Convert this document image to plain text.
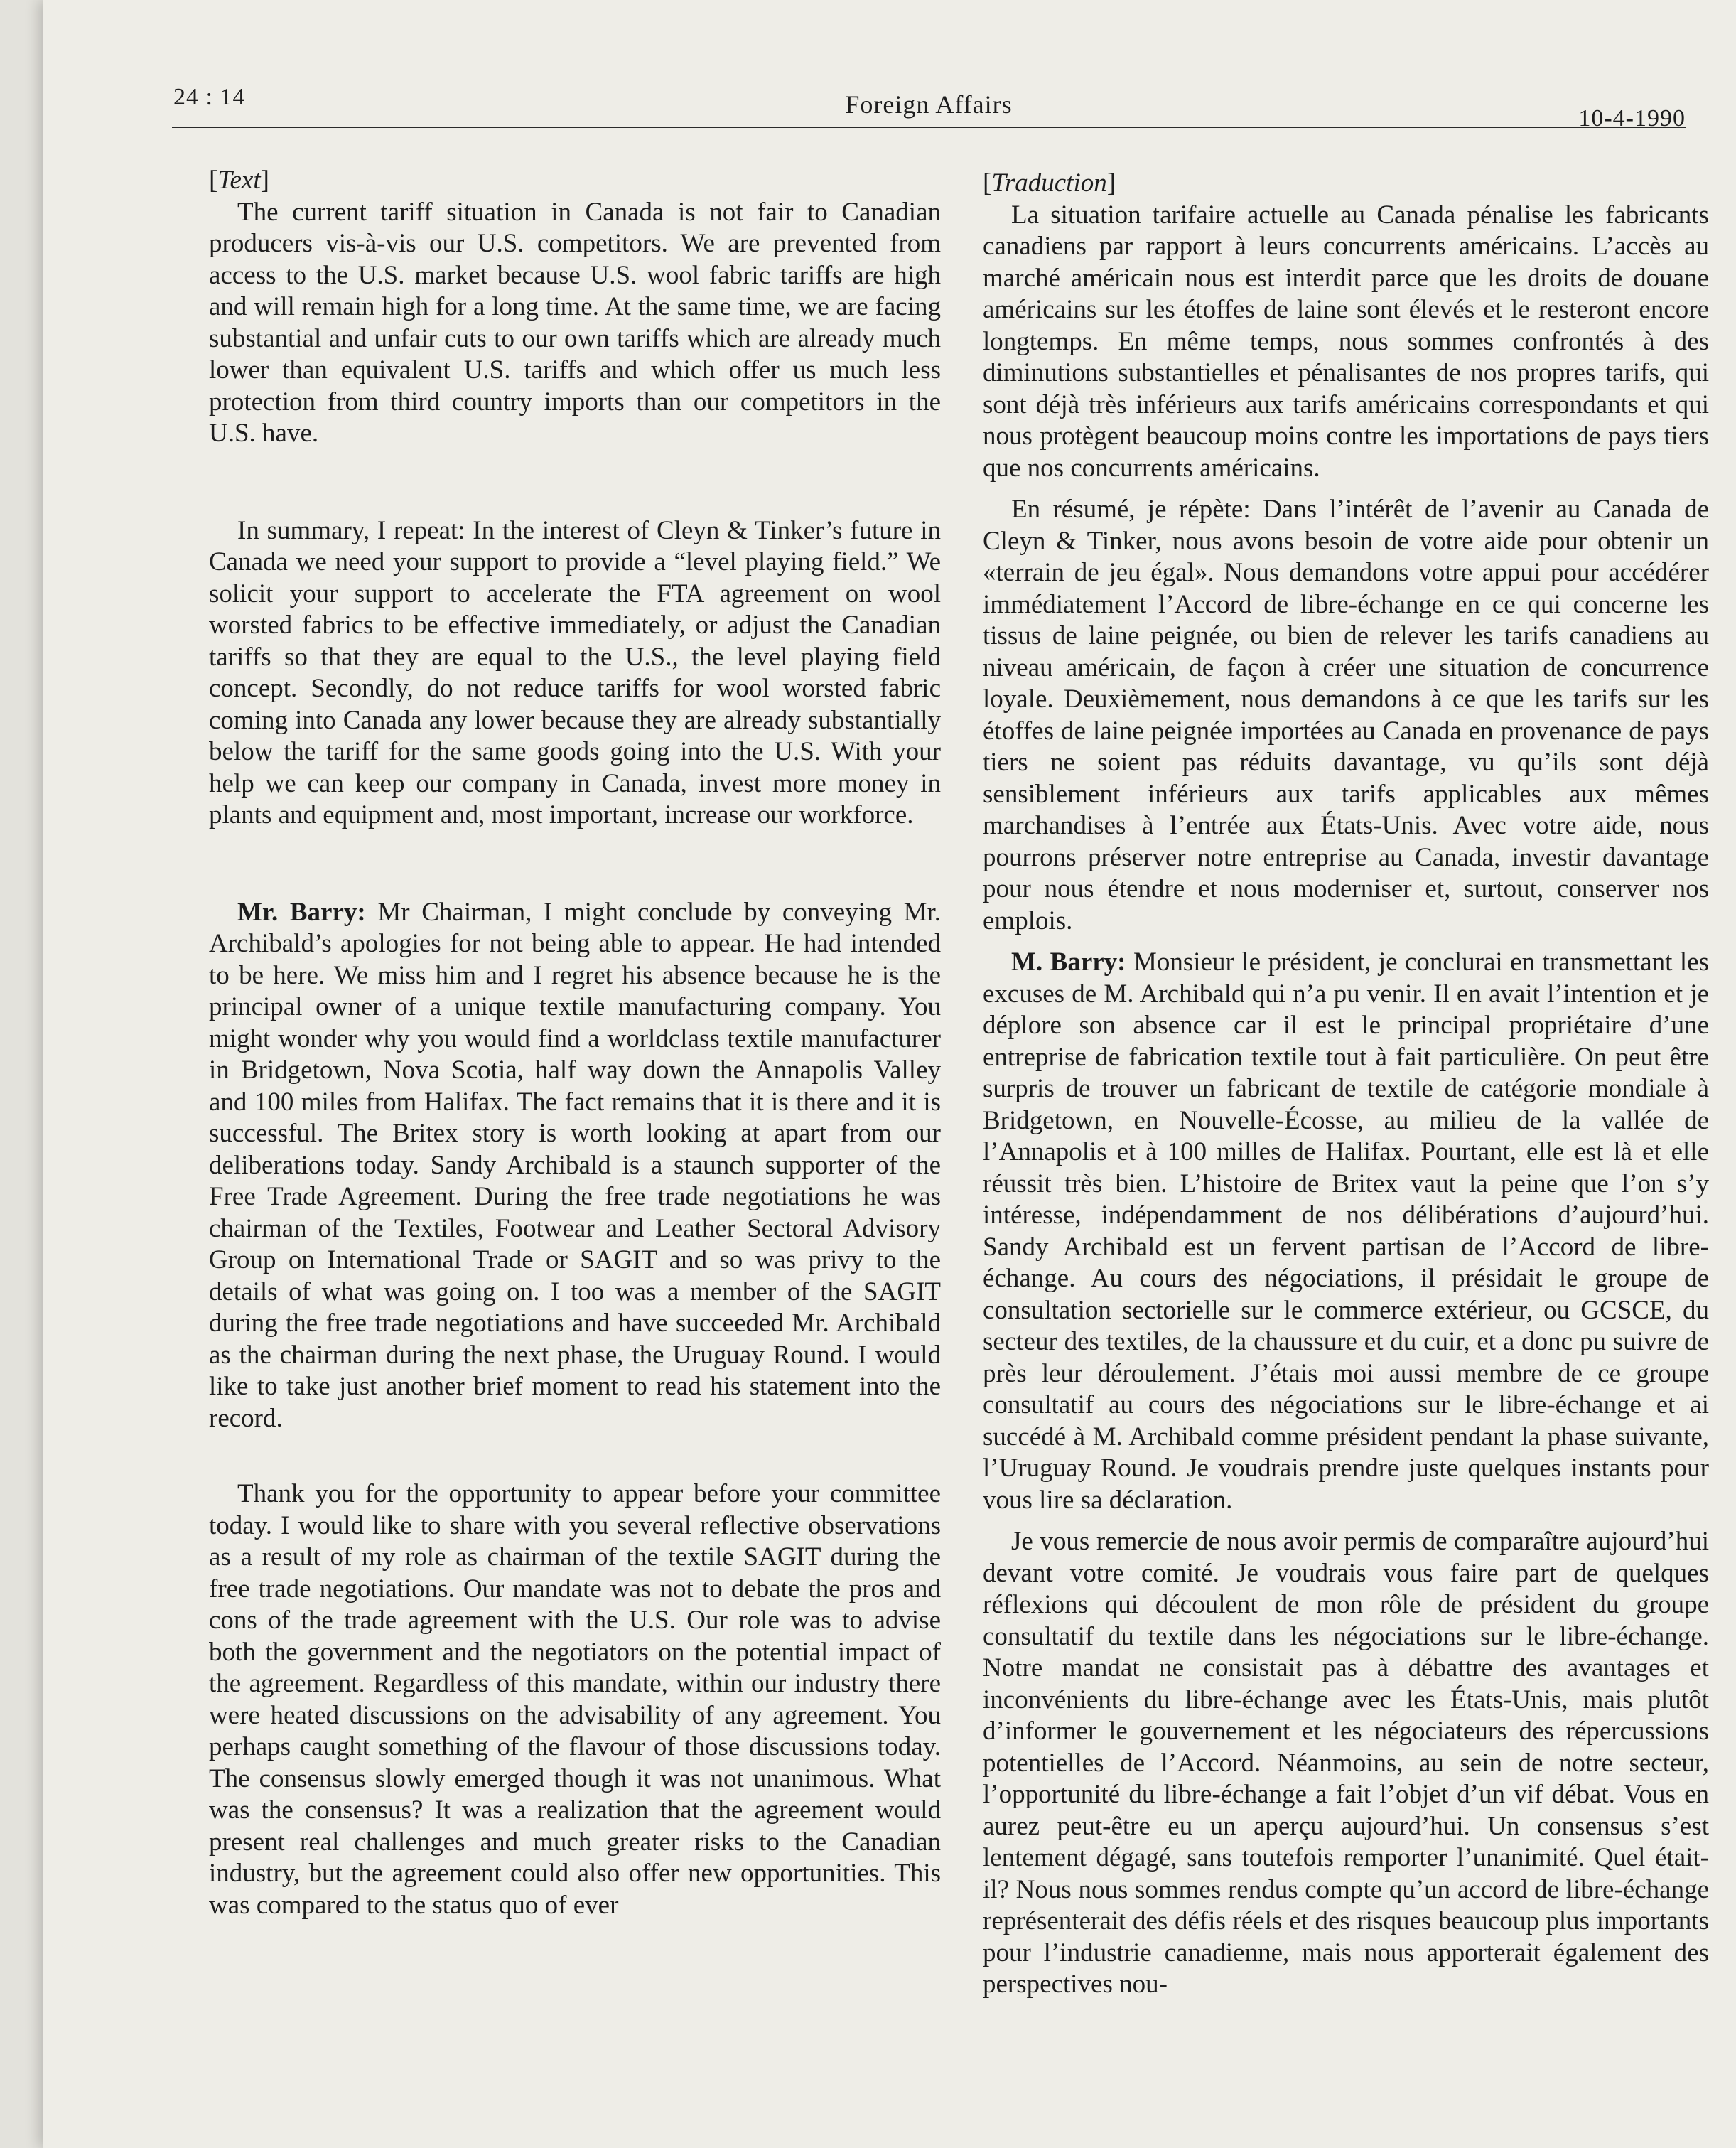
24 : 14	Foreign Affairs	10-4-1990

[Text]

The current tariff situation in Canada is not fair to Canadian producers vis-à-vis our U.S. competitors. We are prevented from access to the U.S. market because U.S. wool fabric tariffs are high and will remain high for a long time. At the same time, we are facing substantial and unfair cuts to our own tariffs which are already much lower than equivalent U.S. tariffs and which offer us much less protection from third country imports than our competitors in the U.S. have.

In summary, I repeat: In the interest of Cleyn & Tinker’s future in Canada we need your support to provide a “level playing field.” We solicit your support to accelerate the FTA agreement on wool worsted fabrics to be effective immediately, or adjust the Canadian tariffs so that they are equal to the U.S., the level playing field concept. Secondly, do not reduce tariffs for wool worsted fabric coming into Canada any lower because they are already substantially below the tariff for the same goods going into the U.S. With your help we can keep our company in Canada, invest more money in plants and equipment and, most important, increase our workforce.

Mr. Barry: Mr Chairman, I might conclude by conveying Mr. Archibald’s apologies for not being able to appear. He had intended to be here. We miss him and I regret his absence because he is the principal owner of a unique textile manufacturing company. You might wonder why you would find a worldclass textile manufacturer in Bridgetown, Nova Scotia, half way down the Annapolis Valley and 100 miles from Halifax. The fact remains that it is there and it is successful. The Britex story is worth looking at apart from our deliberations today. Sandy Archibald is a staunch supporter of the Free Trade Agreement. During the free trade negotiations he was chairman of the Textiles, Footwear and Leather Sectoral Advisory Group on International Trade or SAGIT and so was privy to the details of what was going on. I too was a member of the SAGIT during the free trade negotiations and have succeeded Mr. Archibald as the chairman during the next phase, the Uruguay Round. I would like to take just another brief moment to read his statement into the record.

Thank you for the opportunity to appear before your committee today. I would like to share with you several reflective observations as a result of my role as chairman of the textile SAGIT during the free trade negotiations. Our mandate was not to debate the pros and cons of the trade agreement with the U.S. Our role was to advise both the government and the negotiators on the potential impact of the agreement. Regardless of this mandate, within our industry there were heated discussions on the advisability of any agreement. You perhaps caught something of the flavour of those discussions today. The consensus slowly emerged though it was not unanimous. What was the consensus? It was a realization that the agreement would present real challenges and much greater risks to the Canadian industry, but the agreement could also offer new opportunities. This was compared to the status quo of ever

[Traduction]

La situation tarifaire actuelle au Canada pénalise les fabricants canadiens par rapport à leurs concurrents américains. L’accès au marché américain nous est interdit parce que les droits de douane américains sur les étoffes de laine sont élevés et le resteront encore longtemps. En même temps, nous sommes confrontés à des diminutions substantielles et pénalisantes de nos propres tarifs, qui sont déjà très inférieurs aux tarifs américains correspondants et qui nous protègent beaucoup moins contre les importations de pays tiers que nos concurrents américains.

En résumé, je répète: Dans l’intérêt de l’avenir au Canada de Cleyn & Tinker, nous avons besoin de votre aide pour obtenir un «terrain de jeu égal». Nous demandons votre appui pour accédérer immédiatement l’Accord de libre-échange en ce qui concerne les tissus de laine peignée, ou bien de relever les tarifs canadiens au niveau américain, de façon à créer une situation de concurrence loyale. Deuxièmement, nous demandons à ce que les tarifs sur les étoffes de laine peignée importées au Canada en provenance de pays tiers ne soient pas réduits davantage, vu qu’ils sont déjà sensiblement inférieurs aux tarifs applicables aux mêmes marchandises à l’entrée aux États-Unis. Avec votre aide, nous pourrons préserver notre entreprise au Canada, investir davantage pour nous étendre et nous moderniser et, surtout, conserver nos emplois.

M. Barry: Monsieur le président, je conclurai en transmettant les excuses de M. Archibald qui n’a pu venir. Il en avait l’intention et je déplore son absence car il est le principal propriétaire d’une entreprise de fabrication textile tout à fait particulière. On peut être surpris de trouver un fabricant de textile de catégorie mondiale à Bridgetown, en Nouvelle-Écosse, au milieu de la vallée de l’Annapolis et à 100 milles de Halifax. Pourtant, elle est là et elle réussit très bien. L’histoire de Britex vaut la peine que l’on s’y intéresse, indépendamment de nos délibérations d’aujourd’hui. Sandy Archibald est un fervent partisan de l’Accord de libre-échange. Au cours des négociations, il présidait le groupe de consultation sectorielle sur le commerce extérieur, ou GCSCE, du secteur des textiles, de la chaussure et du cuir, et a donc pu suivre de près leur déroulement. J’étais moi aussi membre de ce groupe consultatif au cours des négociations sur le libre-échange et ai succédé à M. Archibald comme président pendant la phase suivante, l’Uruguay Round. Je voudrais prendre juste quelques instants pour vous lire sa déclaration.

Je vous remercie de nous avoir permis de comparaître aujourd’hui devant votre comité. Je voudrais vous faire part de quelques réflexions qui découlent de mon rôle de président du groupe consultatif du textile dans les négociations sur le libre-échange. Notre mandat ne consistait pas à débattre des avantages et inconvénients du libre-échange avec les États-Unis, mais plutôt d’informer le gouvernement et les négociateurs des répercussions potentielles de l’Accord. Néanmoins, au sein de notre secteur, l’opportunité du libre-échange a fait l’objet d’un vif débat. Vous en aurez peut-être eu un aperçu aujourd’hui. Un consensus s’est lentement dégagé, sans toutefois remporter l’unanimité. Quel était-il? Nous nous sommes rendus compte qu’un accord de libre-échange représenterait des défis réels et des risques beaucoup plus importants pour l’industrie canadienne, mais nous apporterait également des perspectives nou-
